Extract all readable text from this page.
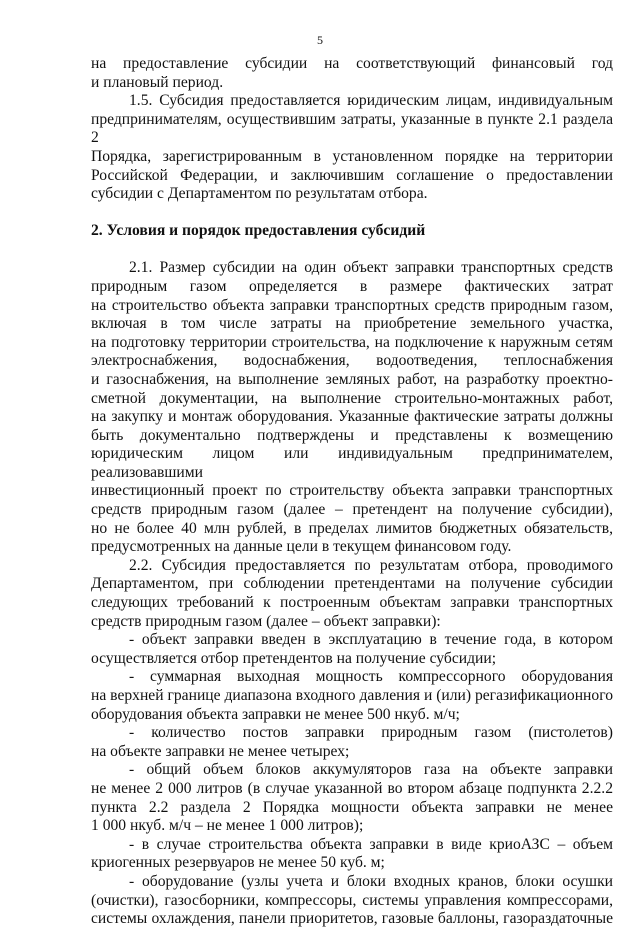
5

на предоставление субсидии на соответствующий финансовый год
и плановый период.

1.5. Субсидия предоставляется юридическим лицам, индивидуальным
предпринимателям, осуществившим затраты, указанные в пункте 2.1 раздела 2
Порядка, зарегистрированным в установленном порядке на территории
Российской Федерации, и заключившим соглашение о предоставлении
субсидии с Департаментом по результатам отбора.

2. Условия и порядок предоставления субсидий

2.1. Размер субсидии на один объект заправки транспортных средств
природным газом определяется в размере фактических затрат
на строительство объекта заправки транспортных средств природным газом,
включая в том числе затраты на приобретение земельного участка,
на подготовку территории строительства, на подключение к наружным сетям
электроснабжения, водоснабжения, водоотведения, теплоснабжения
и газоснабжения, на выполнение земляных работ, на разработку проектно-
сметной документации, на выполнение строительно-монтажных работ,
на закупку и монтаж оборудования. Указанные фактические затраты должны
быть документально подтверждены и представлены к возмещению
юридическим лицом или индивидуальным предпринимателем, реализовавшими
инвестиционный проект по строительству объекта заправки транспортных
средств природным газом (далее – претендент на получение субсидии),
но не более 40 млн рублей, в пределах лимитов бюджетных обязательств,
предусмотренных на данные цели в текущем финансовом году.

2.2. Субсидия предоставляется по результатам отбора, проводимого
Департаментом, при соблюдении претендентами на получение субсидии
следующих требований к построенным объектам заправки транспортных
средств природным газом (далее – объект заправки):

- объект заправки введен в эксплуатацию в течение года, в котором
осуществляется отбор претендентов на получение субсидии;

- суммарная выходная мощность компрессорного оборудования
на верхней границе диапазона входного давления и (или) регазификационного
оборудования объекта заправки не менее 500 нкуб. м/ч;

- количество постов заправки природным газом (пистолетов)
на объекте заправки не менее четырех;

- общий объем блоков аккумуляторов газа на объекте заправки
не менее 2 000 литров (в случае указанной во втором абзаце подпункта 2.2.2
пункта 2.2 раздела 2 Порядка мощности объекта заправки не менее
1 000 нкуб. м/ч – не менее 1 000 литров);

- в случае строительства объекта заправки в виде криоАЗС – объем
криогенных резервуаров не менее 50 куб. м;

- оборудование (узлы учета и блоки входных кранов, блоки осушки
(очистки), газосборники, компрессоры, системы управления компрессорами,
системы охлаждения, панели приоритетов, газовые баллоны, газораздаточные
